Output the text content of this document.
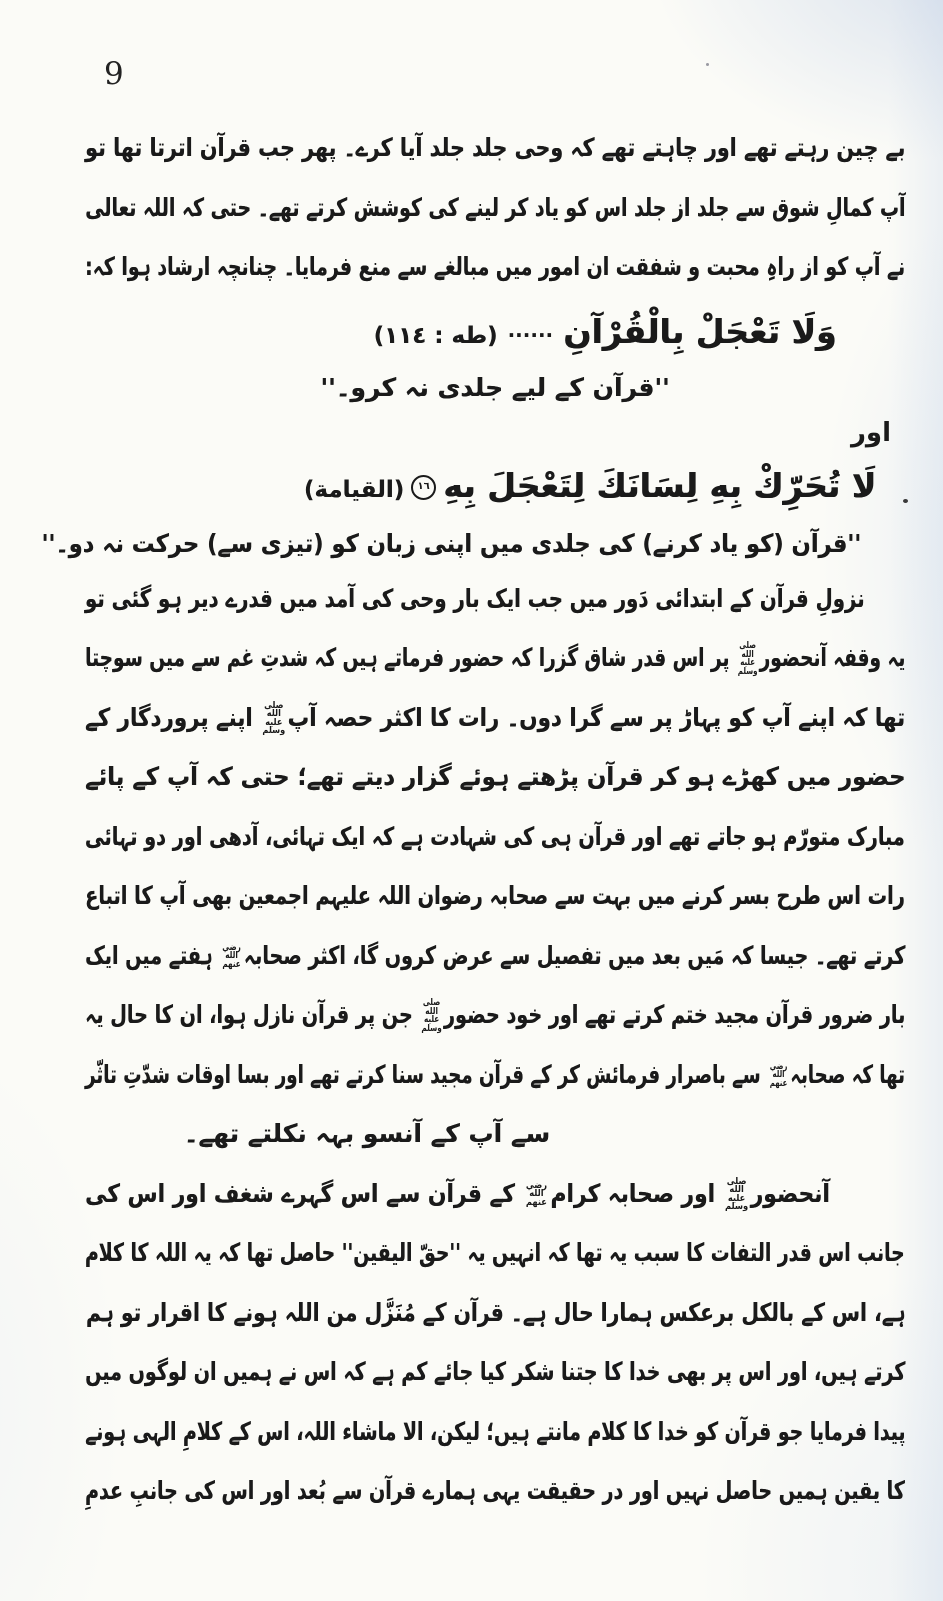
9
بے چین رہتے تھے اور چاہتے تھے کہ وحی جلد جلد آیا کرے۔ پھر جب قرآن اترتا تھا تو
آپ کمالِ شوق سے جلد از جلد اس کو یاد کر لینے کی کوشش کرتے تھے۔ حتی کہ اللہ تعالی
نے آپ کو از راہِ محبت و شفقت ان امور میں مبالغے سے منع فرمایا۔ چنانچہ ارشاد ہوا کہ:
وَلَا تَعْجَلْ بِالْقُرْآنِ......(طه : ١١٤)
''قرآن کے لیے جلدی نہ کرو۔''
اور
لَا تُحَرِّكْ بِهِ لِسَانَكَ لِتَعْجَلَ بِهِ١٦(القيامة)
''قرآن (کو یاد کرنے) کی جلدی میں اپنی زبان کو (تیزی سے) حرکت نہ دو۔''
نزولِ قرآن کے ابتدائی دَور میں جب ایک بار وحی کی آمد میں قدرے دیر ہو گئی تو
یہ وقفہ آنحضورصلى الله عليه وسلم پر اس قدر شاق گزرا کہ حضور فرماتے ہیں کہ شدتِ غم سے میں سوچتا
تھا کہ اپنے آپ کو پہاڑ پر سے گرا دوں۔ رات کا اکثر حصہ آپصلى الله عليه وسلم اپنے پروردگار کے
حضور میں کھڑے ہو کر قرآن پڑھتے ہوئے گزار دیتے تھے؛ حتی کہ آپ کے پائے
مبارک متورّم ہو جاتے تھے اور قرآن ہی کی شہادت ہے کہ ایک تہائی، آدھی اور دو تہائی
رات اس طرح بسر کرنے میں بہت سے صحابہ رضوان اللہ علیہم اجمعین بھی آپ کا اتباع
کرتے تھے۔ جیسا کہ مَیں بعد میں تفصیل سے عرض کروں گا، اکثر صحابہرضي الله عنهم ہفتے میں ایک
بار ضرور قرآن مجید ختم کرتے تھے اور خود حضورصلى الله عليه وسلم جن پر قرآن نازل ہوا، ان کا حال یہ
تھا کہ صحابہرضي الله عنهم سے باصرار فرمائش کر کے قرآن مجید سنا کرتے تھے اور بسا اوقات شدّتِ تاثّر
سے آپ کے آنسو بہہ نکلتے تھے۔
آنحضورصلى الله عليه وسلم اور صحابہ کرامرضي الله عنهم کے قرآن سے اس گہرے شغف اور اس کی
جانب اس قدر التفات کا سبب یہ تھا کہ انہیں یہ ''حقّ الیقین'' حاصل تھا کہ یہ اللہ کا کلام
ہے، اس کے بالکل برعکس ہمارا حال ہے۔ قرآن کے مُنَزَّل من اللہ ہونے کا اقرار تو ہم
کرتے ہیں، اور اس پر بھی خدا کا جتنا شکر کیا جائے کم ہے کہ اس نے ہمیں ان لوگوں میں
پیدا فرمایا جو قرآن کو خدا کا کلام مانتے ہیں؛ لیکن، الا ماشاء اللہ، اس کے کلامِ الہی ہونے
کا یقین ہمیں حاصل نہیں اور در حقیقت یہی ہمارے قرآن سے بُعد اور اس کی جانبِ عدمِ
